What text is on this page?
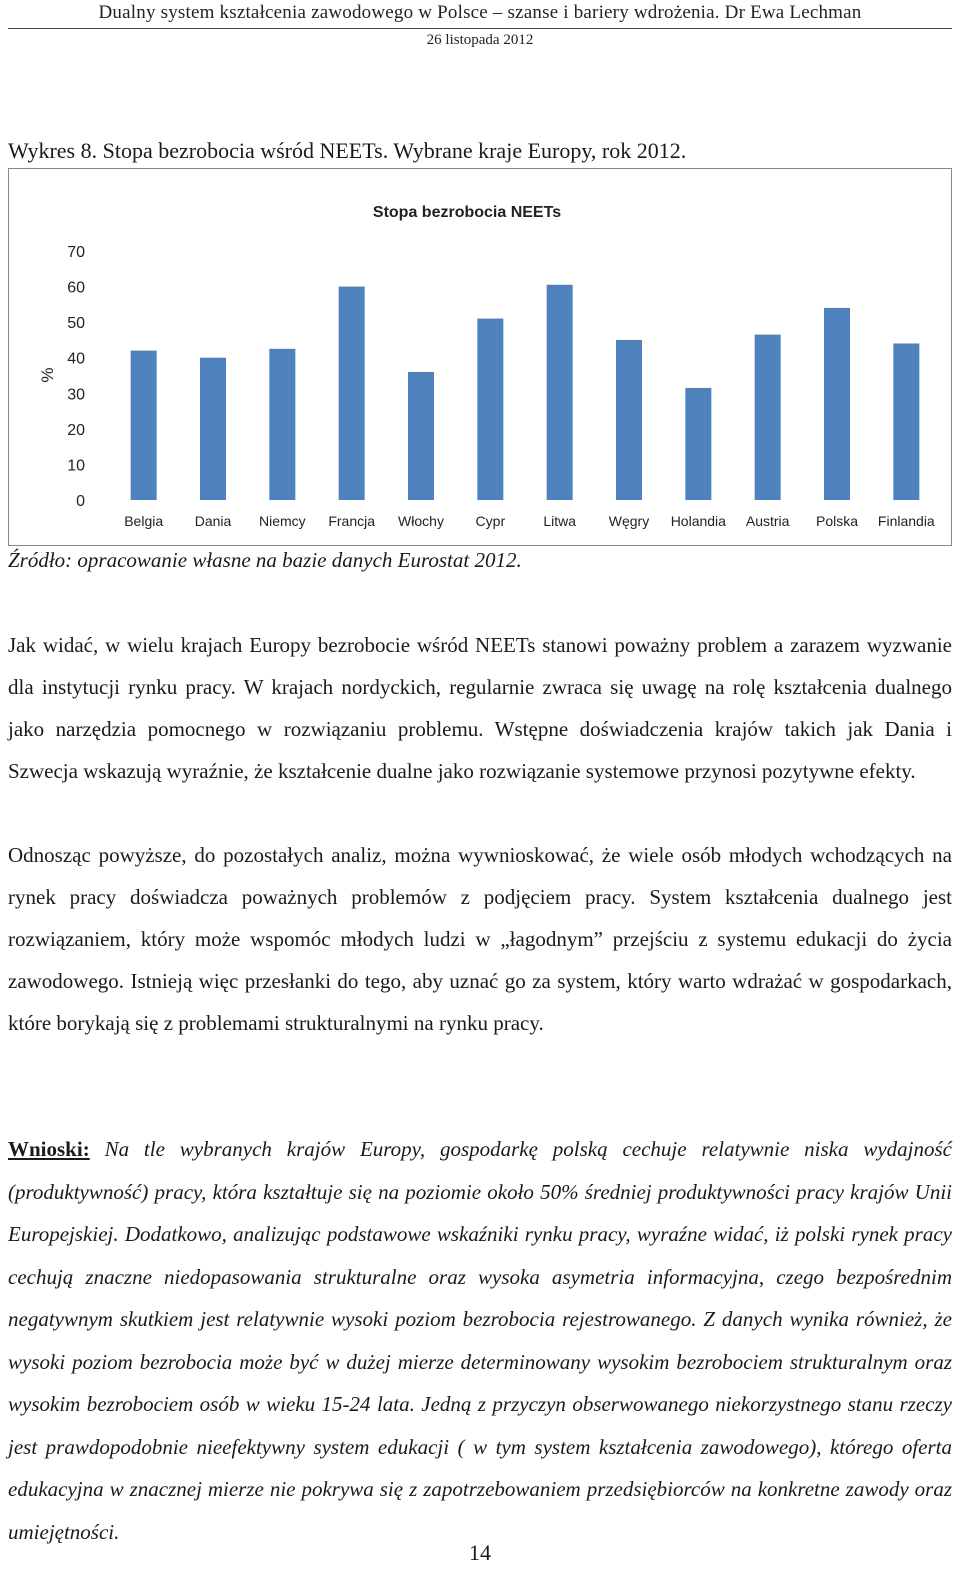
Dualny system kształcenia zawodowego w Polsce – szanse i bariery wdrożenia. Dr Ewa Lechman
26 listopada 2012
Wykres 8. Stopa bezrobocia wśród NEETs. Wybrane kraje Europy, rok 2012.
Stopa bezrobocia NEETs
%
0
10
20
30
40
50
60
70
Belgia Dania Niemcy Francja Włochy Cypr	Litwa Węgry Holandia Austria Polska Finlandia
Źródło: opracowanie własne na bazie danych Eurostat 2012.

Jak widać, w wielu krajach Europy bezrobocie wśród NEETs stanowi poważny problem a zarazem wyzwanie dla instytucji rynku pracy. W krajach nordyckich, regularnie zwraca się uwagę na rolę kształcenia dualnego jako narzędzia pomocnego w rozwiązaniu problemu. Wstępne doświadczenia krajów takich jak Dania i Szwecja wskazują wyraźnie, że kształcenie dualne jako rozwiązanie systemowe przynosi pozytywne efekty.

Odnosząc powyższe, do pozostałych analiz, można wywnioskować, że wiele osób młodych wchodzących na rynek pracy doświadcza poważnych problemów z podjęciem pracy. System kształcenia dualnego jest rozwiązaniem, który może wspomóc młodych ludzi w „łagodnym” przejściu z systemu edukacji do życia zawodowego. Istnieją więc przesłanki do tego, aby uznać go za system, który warto wdrażać w gospodarkach, które borykają się z problemami strukturalnymi na rynku pracy.

Wnioski: Na tle wybranych krajów Europy, gospodarkę polską cechuje relatywnie niska wydajność (produktywność) pracy, która kształtuje się na poziomie około 50% średniej produktywności pracy krajów Unii Europejskiej. Dodatkowo, analizując podstawowe wskaźniki rynku pracy, wyraźne widać, iż polski rynek pracy cechują znaczne niedopasowania strukturalne oraz wysoka asymetria informacyjna, czego bezpośrednim negatywnym skutkiem jest relatywnie wysoki poziom bezrobocia rejestrowanego. Z danych wynika również, że wysoki poziom bezrobocia może być w dużej mierze determinowany wysokim bezrobociem strukturalnym oraz wysokim bezrobociem osób w wieku 15-24 lata. Jedną z przyczyn obserwowanego niekorzystnego stanu rzeczy jest prawdopodobnie nieefektywny system edukacji ( w tym system kształcenia zawodowego), którego oferta edukacyjna w znacznej mierze nie pokrywa się z zapotrzebowaniem przedsiębiorców na konkretne zawody oraz umiejętności.

14
